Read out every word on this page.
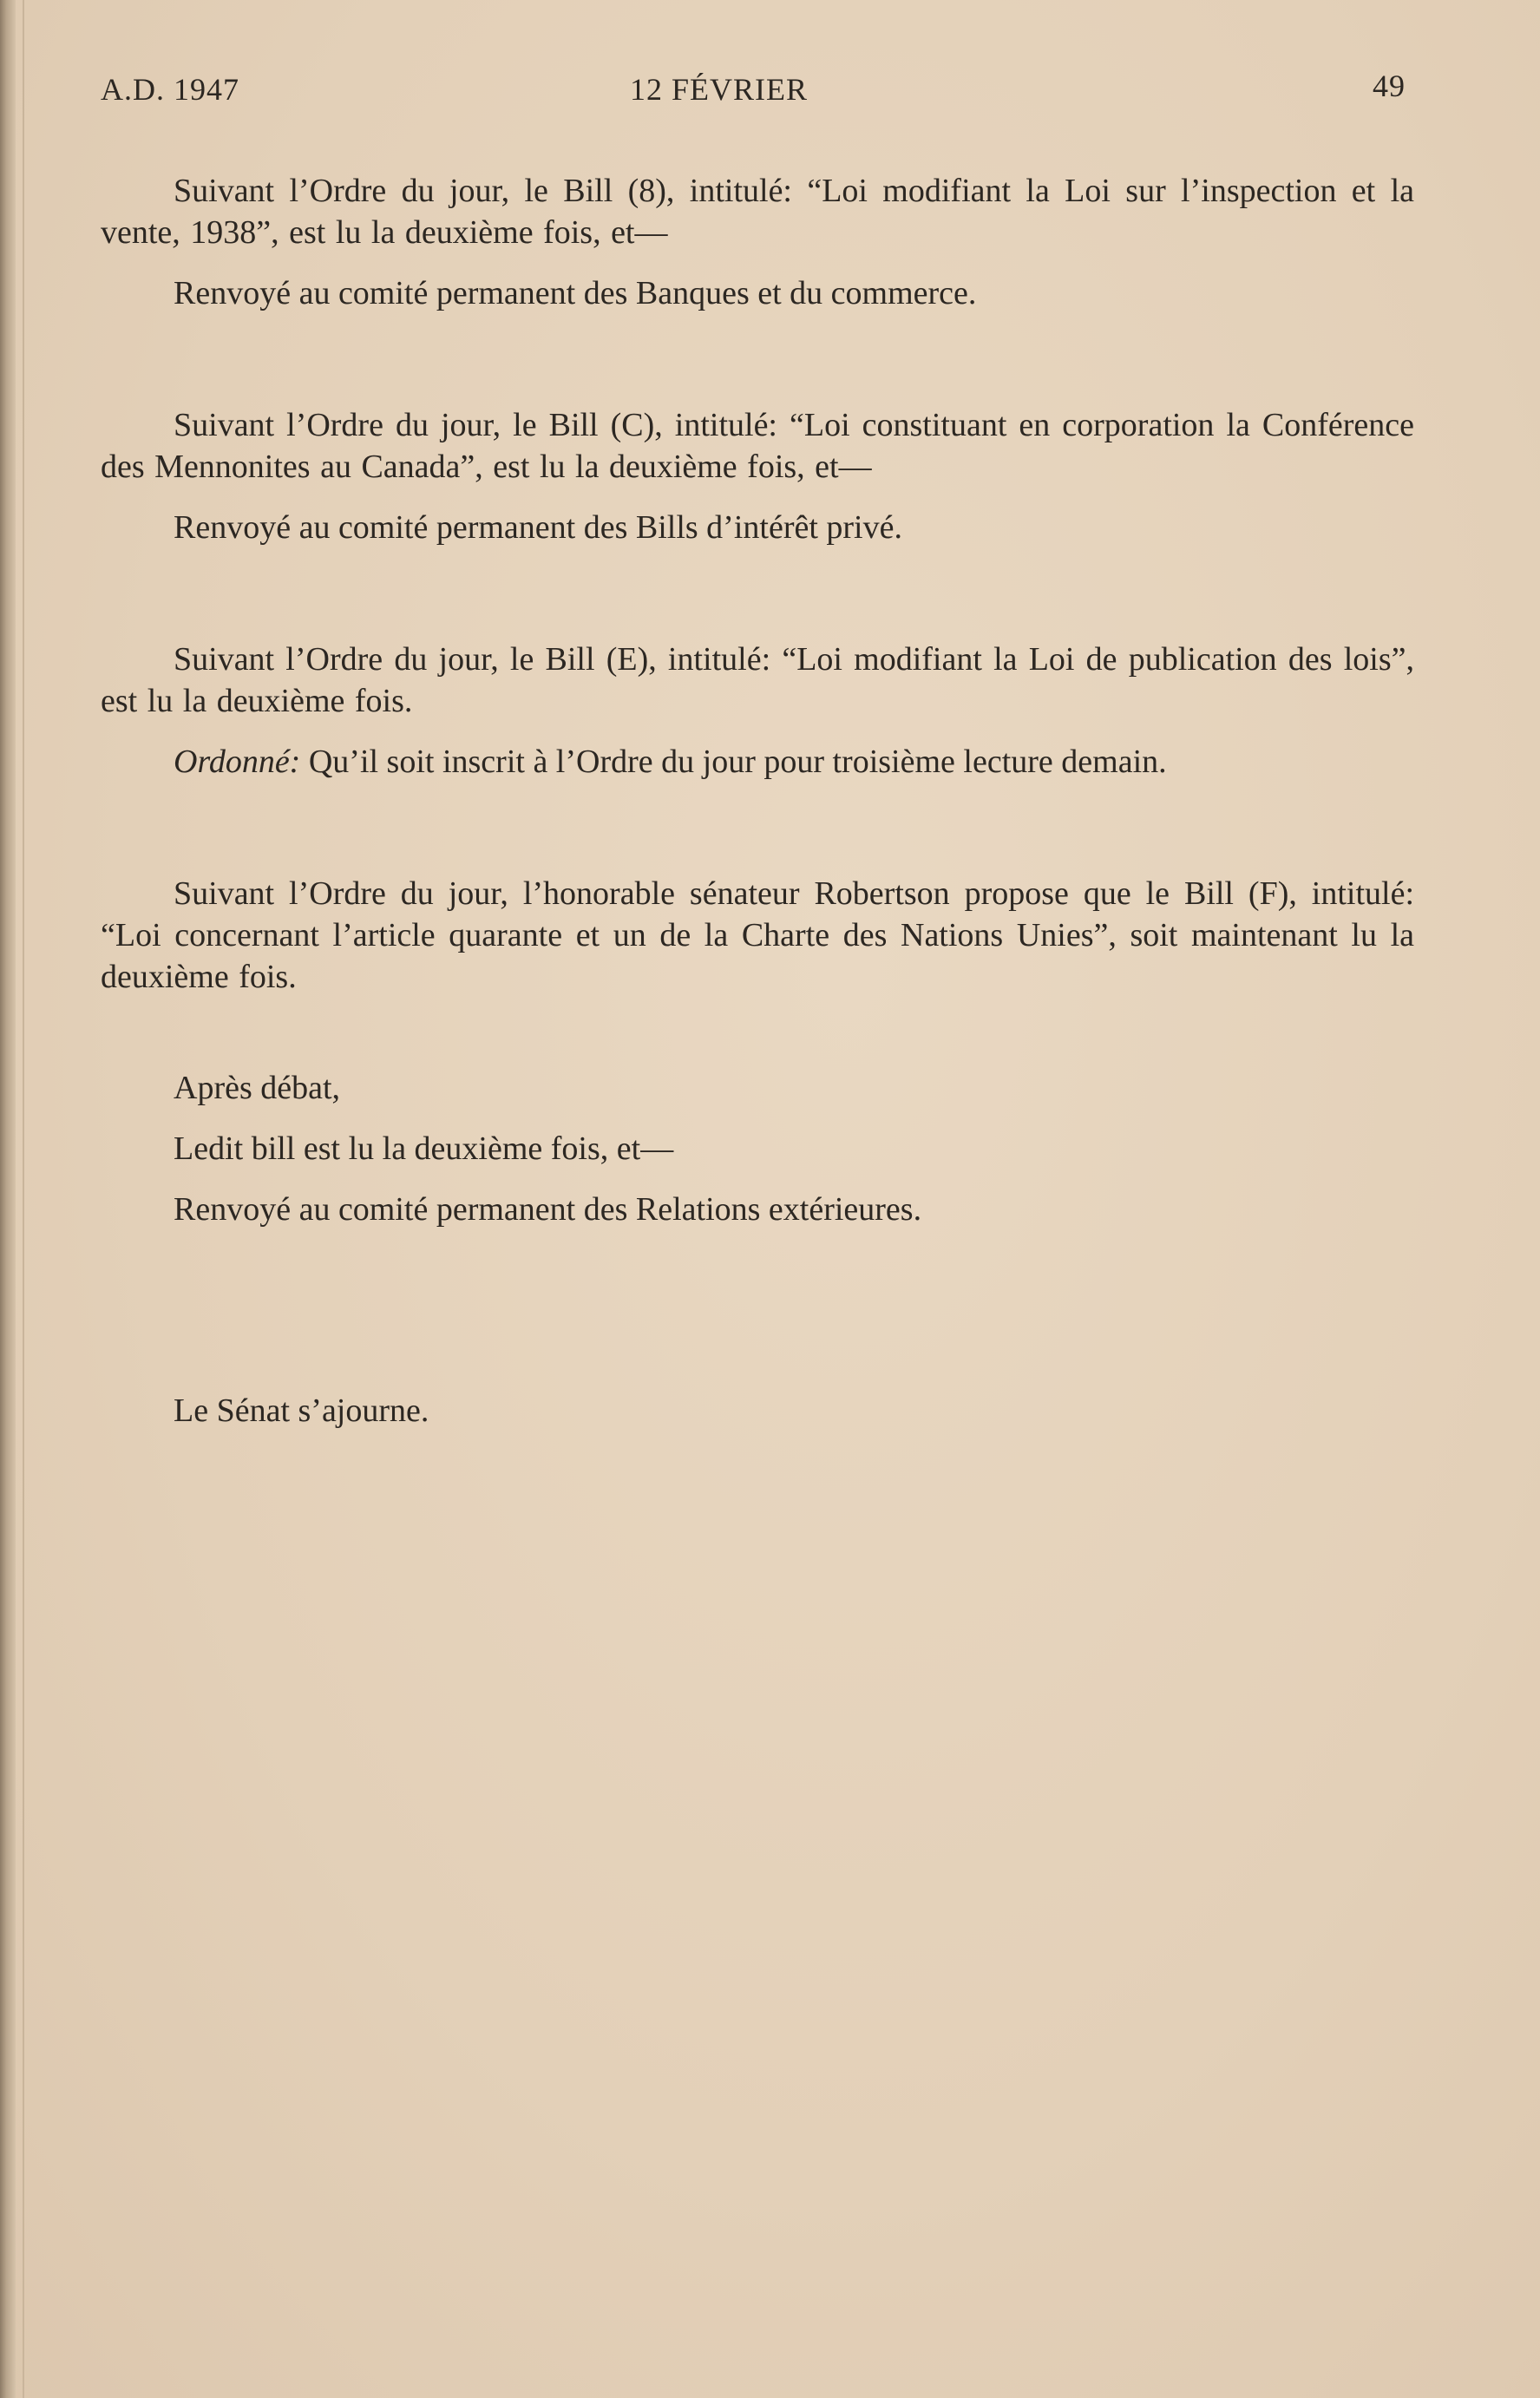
A.D. 1947	12 FÉVRIER	49

Suivant l’Ordre du jour, le Bill (8), intitulé: “Loi modifiant la Loi sur l’inspection et la vente, 1938”, est lu la deuxième fois, et—

Renvoyé au comité permanent des Banques et du commerce.

Suivant l’Ordre du jour, le Bill (C), intitulé: “Loi constituant en corporation la Conférence des Mennonites au Canada”, est lu la deuxième fois, et—

Renvoyé au comité permanent des Bills d’intérêt privé.

Suivant l’Ordre du jour, le Bill (E), intitulé: “Loi modifiant la Loi de publication des lois”, est lu la deuxième fois.

Ordonné: Qu’il soit inscrit à l’Ordre du jour pour troisième lecture demain.

Suivant l’Ordre du jour, l’honorable sénateur Robertson propose que le Bill (F), intitulé: “Loi concernant l’article quarante et un de la Charte des Nations Unies”, soit maintenant lu la deuxième fois.

Après débat,

Ledit bill est lu la deuxième fois, et—

Renvoyé au comité permanent des Relations extérieures.

Le Sénat s’ajourne.
